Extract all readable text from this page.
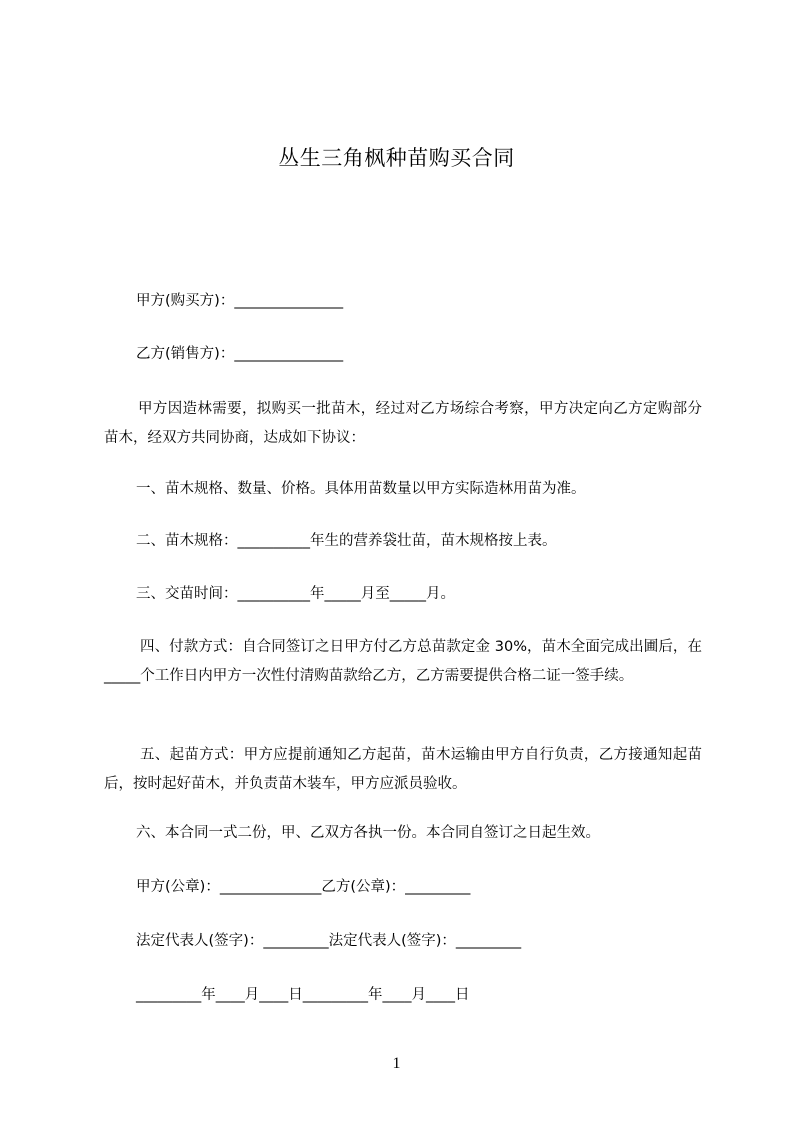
丛生三角枫种苗购买合同
甲方(购买方)：_______________
乙方(销售方)：_______________
甲方因造林需要，拟购买一批苗木，经过对乙方场综合考察，甲方决定向乙方定购部分苗木，经双方共同协商，达成如下协议：
一、苗木规格、数量、价格。具体用苗数量以甲方实际造林用苗为准。
二、苗木规格：__________年生的营养袋壮苗，苗木规格按上表。
三、交苗时间：__________年_____月至_____月。
四、付款方式：自合同签订之日甲方付乙方总苗款定金 30%，苗木全面完成出圃后，在_____个工作日内甲方一次性付清购苗款给乙方，乙方需要提供合格二证一签手续。
五、起苗方式：甲方应提前通知乙方起苗，苗木运输由甲方自行负责，乙方接通知起苗后，按时起好苗木，并负责苗木装车，甲方应派员验收。
六、本合同一式二份，甲、乙双方各执一份。本合同自签订之日起生效。
甲方(公章)：______________乙方(公章)：_________
法定代表人(签字)：_________法定代表人(签字)：_________
_________年____月____日_________年____月____日
1
